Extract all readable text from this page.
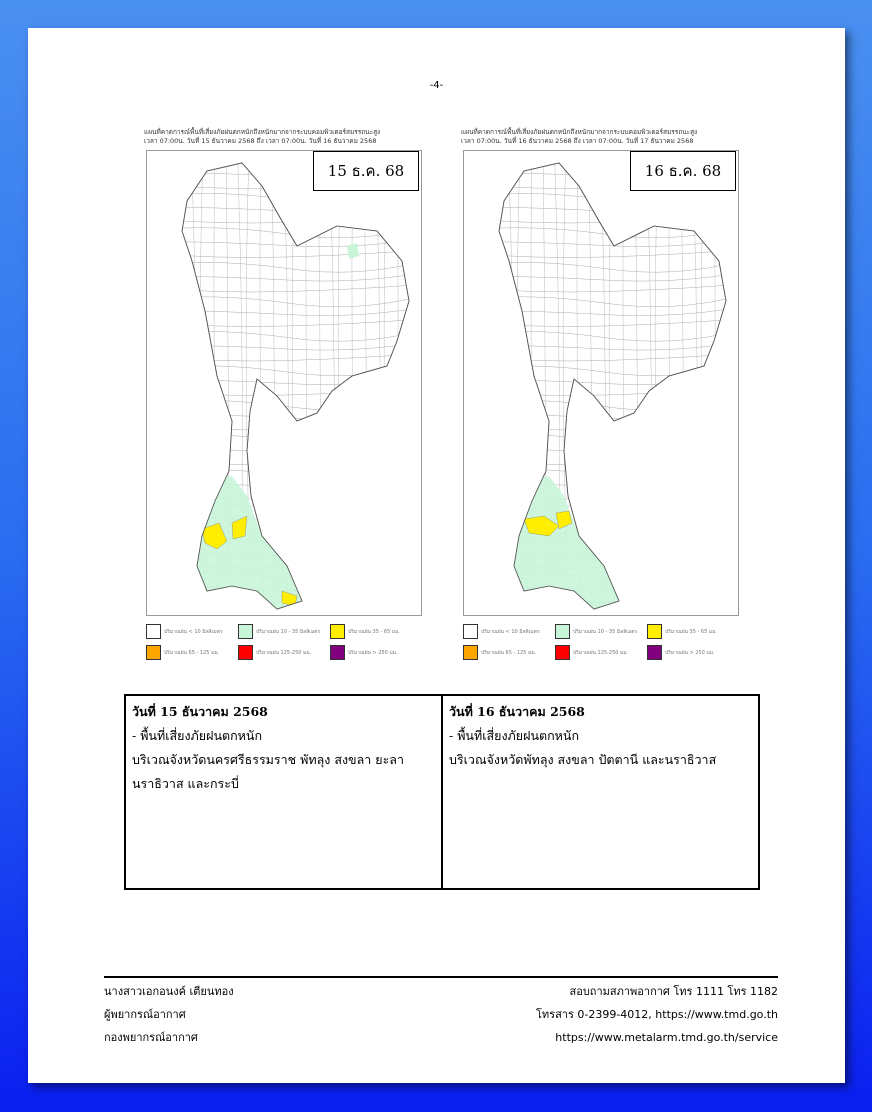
-4-
แผนที่คาดการณ์พื้นที่เสี่ยงภัยฝนตกหนักถึงหนักมากจากระบบคอมพิวเตอร์สมรรถนะสูง
เวลา 07:00น. วันที่ 15 ธันวาคม 2568 ถึง เวลา 07:00น. วันที่ 16 ธันวาคม 2568
15 ธ.ค. 68
ปริมาณฝน < 10 มิลลิเมตร	ปริมาณฝน 10 - 35 มิลลิเมตร	ปริมาณฝน 35 - 65 มม.
ปริมาณฝน 65 - 125 มม.	ปริมาณฝน 125-250 มม.	ปริมาณฝน > 250 มม.
แผนที่คาดการณ์พื้นที่เสี่ยงภัยฝนตกหนักถึงหนักมากจากระบบคอมพิวเตอร์สมรรถนะสูง
เวลา 07:00น. วันที่ 16 ธันวาคม 2568 ถึง เวลา 07:00น. วันที่ 17 ธันวาคม 2568
16 ธ.ค. 68
ปริมาณฝน < 10 มิลลิเมตร	ปริมาณฝน 10 - 35 มิลลิเมตร	ปริมาณฝน 35 - 65 มม.
ปริมาณฝน 65 - 125 มม.	ปริมาณฝน 125-250 มม.	ปริมาณฝน > 250 มม.
วันที่ 15 ธันวาคม 2568
- พื้นที่เสี่ยงภัยฝนตกหนัก
บริเวณจังหวัดนครศรีธรรมราช พัทลุง สงขลา ยะลา นราธิวาส และกระบี่
วันที่ 16 ธันวาคม 2568
- พื้นที่เสี่ยงภัยฝนตกหนัก
บริเวณจังหวัดพัทลุง สงขลา ปัตตานี และนราธิวาส
นางสาวเอกอนงค์ เตียนทอง
ผู้พยากรณ์อากาศ
กองพยากรณ์อากาศ
สอบถามสภาพอากาศ โทร 1111 โทร 1182
โทรสาร 0-2399-4012, https://www.tmd.go.th
https://www.metalarm.tmd.go.th/service
